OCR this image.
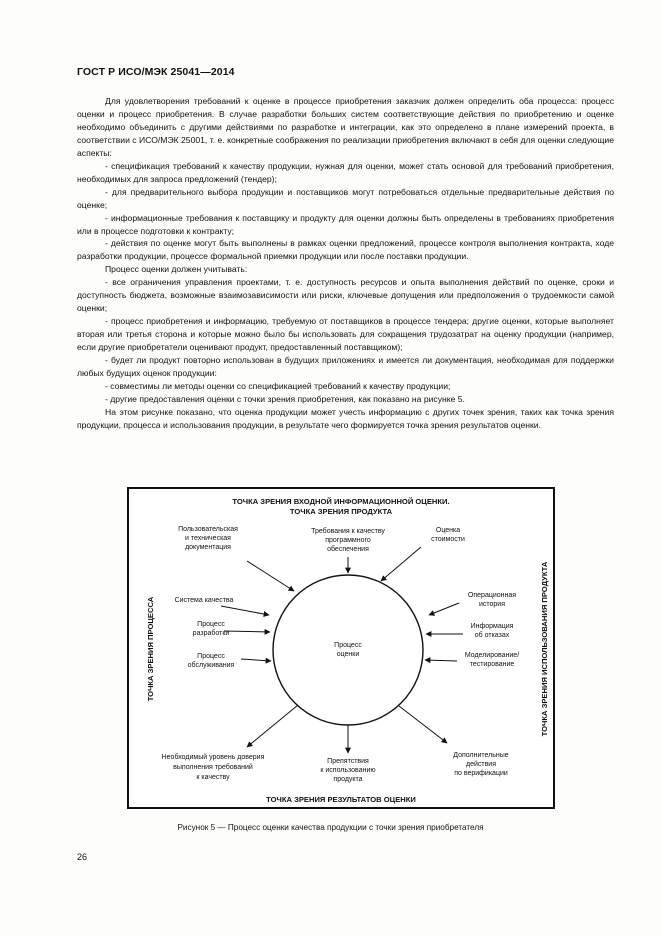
ГОСТ Р ИСО/МЭК 25041—2014

Для удовлетворения требований к оценке в процессе приобретения заказчик должен определить оба процесса: процесс оценки и процесс приобретения. В случае разработки больших систем соответствующие действия по приобретению и оценке необходимо объединить с другими действиями по разработке и интеграции, как это определено в плане измерений проекта, в соответствии с ИСО/МЭК 25001, т. е. конкретные соображения по реализации приобретения включают в себя для оценки следующие аспекты:

- спецификация требований к качеству продукции, нужная для оценки, может стать основой для требований приобретения, необходимых для запроса предложений (тендер);

- для предварительного выбора продукции и поставщиков могут потребоваться отдельные предварительные действия по оценке;

- информационные требования к поставщику и продукту для оценки должны быть определены в требованиях приобретения или в процессе подготовки к контракту;

- действия по оценке могут быть выполнены в рамках оценки предложений, процессе контроля выполнения контракта, ходе разработки продукции, процессе формальной приемки продукции или после поставки продукции.

Процесс оценки должен учитывать:

- все ограничения управления проектами, т. е. доступность ресурсов и опыта выполнения действий по оценке, сроки и доступность бюджета, возможные взаимозависимости или риски, ключевые допущения или предположения о трудоемкости самой оценки;

- процесс приобретения и информацию, требуемую от поставщиков в процессе тендера; другие оценки, которые выполняет вторая или третья сторона и которые можно было бы использовать для сокращения трудозатрат на оценку продукции (например, если другие приобретатели оценивают продукт, предоставленный поставщиком);

- будет ли продукт повторно использован в будущих приложениях и имеется ли документация, необходимая для поддержки любых будущих оценок продукции:

- совместимы ли методы оценки со спецификацией требований к качеству продукции;

- другие предоставления оценки с точки зрения приобретения, как показано на рисунке 5.

На этом рисунке показано, что оценка продукции может учесть информацию с других точек зрения, таких как точка зрения продукции, процесса и использования продукции, в результате чего формируется точка зрения результатов оценки.

ТОЧКА ЗРЕНИЯ ВХОДНОЙ ИНФОРМАЦИОННОЙ ОЦЕНКИ.
ТОЧКА ЗРЕНИЯ ПРОДУКТА
ТОЧКА ЗРЕНИЯ РЕЗУЛЬТАТОВ ОЦЕНКИ
ТОЧКА ЗРЕНИЯ ПРОЦЕССА	ТОЧКА ЗРЕНИЯ ИСПОЛЬЗОВАНИЯ ПРОДУКТА
Процесс
оценки
Пользовательская
и техническая
документация
Требования к качеству
программного
обеспечения
Оценка
стоимости
Система качества
Процесс
разработки
Процесс
обслуживания
Операционная
история
Информация
об отказах
Моделирование/
тестирование
Необходимый уровень доверия
выполнения требований
к качеству
Препятствия
к использованию
продукта
Дополнительные
действия
по верификации
Рисунок 5 — Процесс оценки качества продукции с точки зрения приобретателя
26
